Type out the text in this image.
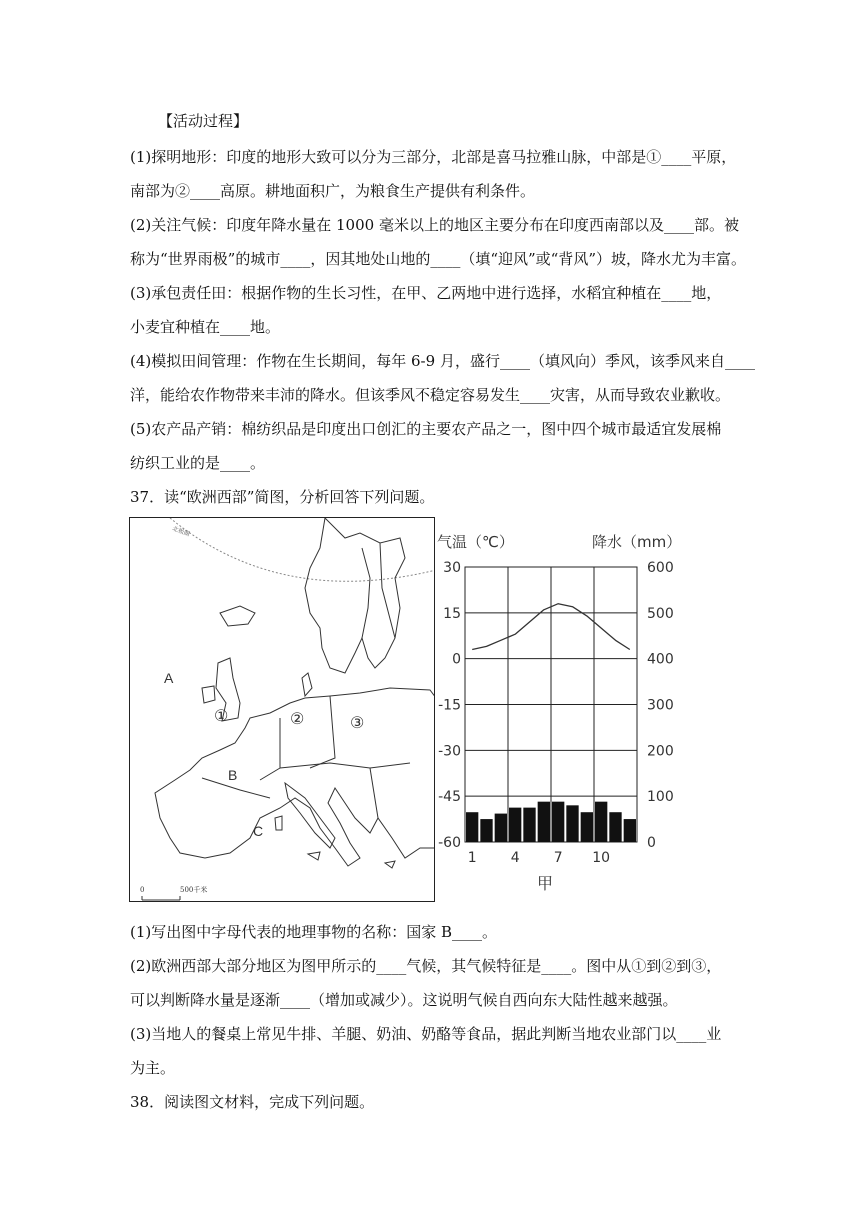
【活动过程】
(1)探明地形：印度的地形大致可以分为三部分，北部是喜马拉雅山脉，中部是①____平原，
南部为②____高原。耕地面积广，为粮食生产提供有利条件。
(2)关注气候：印度年降水量在 1000 毫米以上的地区主要分布在印度西南部以及____部。被
称为“世界雨极”的城市____，因其地处山地的____（填“迎风”或“背风”）坡，降水尤为丰富。
(3)承包责任田：根据作物的生长习性，在甲、乙两地中进行选择，水稻宜种植在____地，
小麦宜种植在____地。
(4)模拟田间管理：作物在生长期间，每年 6-9 月，盛行____（填风向）季风，该季风来自____
洋，能给农作物带来丰沛的降水。但该季风不稳定容易发生____灾害，从而导致农业歉收。
(5)农产品产销：棉纺织品是印度出口创汇的主要农产品之一，图中四个城市最适宜发展棉
纺织工业的是____。
37．读“欧洲西部”简图，分析回答下列问题。
北极圈
A
B
C
①	②	③
0	500千米
气温（℃）	降水（mm）
甲
30
15
0
-15
-30
-45
-60
600
500
400
300
200
100
0
1 4 7 10
(1)写出图中字母代表的地理事物的名称：国家 B____。
(2)欧洲西部大部分地区为图甲所示的____气候，其气候特征是____。图中从①到②到③，
可以判断降水量是逐渐____（增加或减少）。这说明气候自西向东大陆性越来越强。
(3)当地人的餐桌上常见牛排、羊腿、奶油、奶酪等食品，据此判断当地农业部门以____业
为主。
38．阅读图文材料，完成下列问题。
